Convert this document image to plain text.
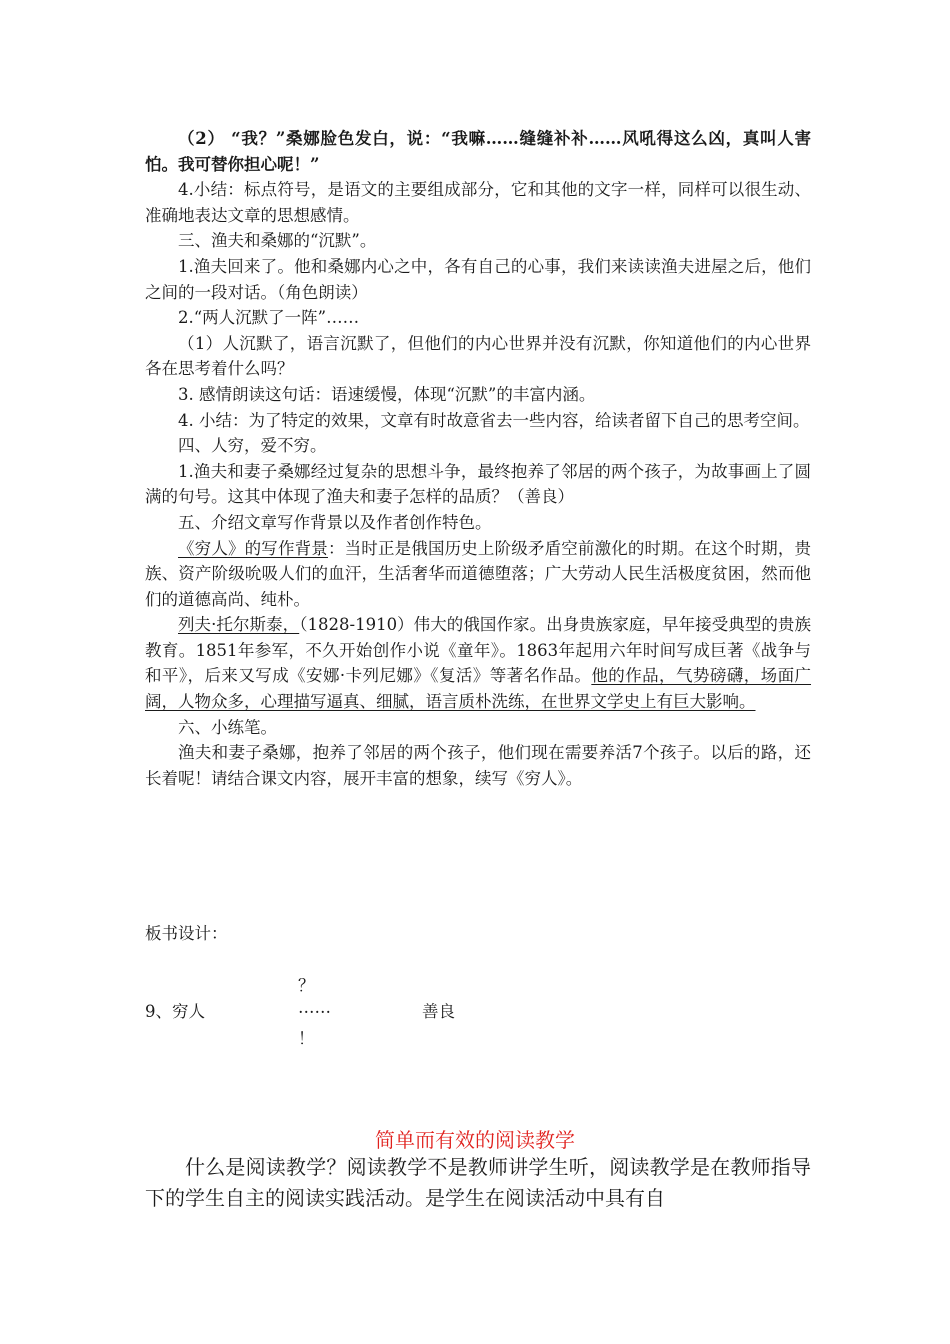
（2） “我？”桑娜脸色发白，说：“我嘛……缝缝补补……风吼得这么凶，真叫人害怕。我可替你担心呢！”

4.小结：标点符号，是语文的主要组成部分，它和其他的文字一样，同样可以很生动、准确地表达文章的思想感情。

三、渔夫和桑娜的“沉默”。

1.渔夫回来了。他和桑娜内心之中，各有自己的心事，我们来读读渔夫进屋之后，他们之间的一段对话。（角色朗读）

2.“两人沉默了一阵”……

（1）人沉默了，语言沉默了，但他们的内心世界并没有沉默，你知道他们的内心世界各在思考着什么吗？

3. 感情朗读这句话：语速缓慢，体现“沉默”的丰富内涵。

4. 小结：为了特定的效果，文章有时故意省去一些内容，给读者留下自己的思考空间。

四、人穷，爱不穷。

1.渔夫和妻子桑娜经过复杂的思想斗争，最终抱养了邻居的两个孩子，为故事画上了圆满的句号。这其中体现了渔夫和妻子怎样的品质？（善良）

五、介绍文章写作背景以及作者创作特色。

《穷人》的写作背景：当时正是俄国历史上阶级矛盾空前激化的时期。在这个时期，贵族、资产阶级吮吸人们的血汗，生活奢华而道德堕落；广大劳动人民生活极度贫困，然而他们的道德高尚、纯朴。

列夫·托尔斯泰，（1828-1910）伟大的俄国作家。出身贵族家庭，早年接受典型的贵族教育。1851年参军，不久开始创作小说《童年》。1863年起用六年时间写成巨著《战争与和平》，后来又写成《安娜·卡列尼娜》《复活》等著名作品。他的作品，气势磅礴，场面广阔，人物众多，心理描写逼真、细腻，语言质朴洗练，在世界文学史上有巨大影响。

六、小练笔。

渔夫和妻子桑娜，抱养了邻居的两个孩子，他们现在需要养活7个孩子。以后的路，还长着呢！请结合课文内容，展开丰富的想象，续写《穷人》。

板书设计：
？
9、穷人	……
！
善良
简单而有效的阅读教学

什么是阅读教学？阅读教学不是教师讲学生听，阅读教学是在教师指导下的学生自主的阅读实践活动。是学生在阅读活动中具有自
